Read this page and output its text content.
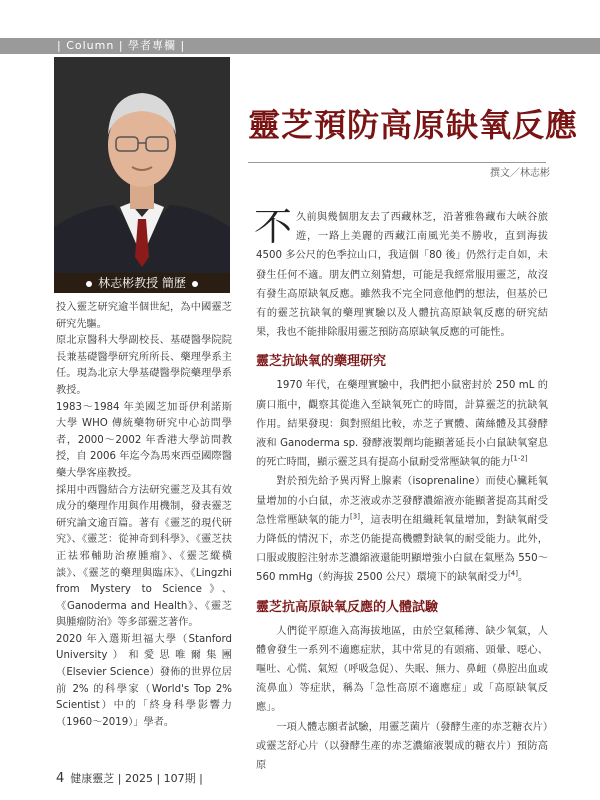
| Column | 學者專欄 |
林志彬教授 簡歷

投入靈芝研究逾半個世紀，為中國靈芝研究先驅。

原北京醫科大學副校長、基礎醫學院院長兼基礎醫學研究所所長、藥理學系主任。現為北京大學基礎醫學院藥理學系教授。

1983～1984 年美國芝加哥伊利諾斯大學 WHO 傳統藥物研究中心訪問學者，2000～2002 年香港大學訪問教授，自 2006 年迄今為馬來西亞國際醫藥大學客座教授。

採用中西醫結合方法研究靈芝及其有效成分的藥理作用與作用機制，發表靈芝研究論文逾百篇。著有《靈芝的現代研究》、《靈芝：從神奇到科學》、《靈芝扶正祛邪輔助治療腫瘤》、《靈芝縱橫談》、《靈芝的藥理與臨床》、《Lingzhi from Mystery to Science》、《Ganoderma and Health》、《靈芝與腫瘤防治》等多部靈芝著作。

2020 年入選斯坦福大學（Stanford University）和愛思唯爾集團（Elsevier Science）發佈的世界位居前 2% 的科學家（World's Top 2% Scientist）中的「終身科學影響力（1960～2019）」學者。

靈芝預防高原缺氧反應
撰文／林志彬

不久前與幾個朋友去了西藏林芝，沿著雅魯藏布大峽谷旅遊，一路上美麗的西藏江南風光美不勝收，直到海拔 4500 多公尺的色季拉山口，我這個「80 後」仍然行走自如，未發生任何不適。朋友們立刻猜想，可能是我經常服用靈芝，故沒有發生高原缺氧反應。雖然我不完全同意他們的想法，但基於已有的靈芝抗缺氧的藥理實驗以及人體抗高原缺氧反應的研究結果，我也不能排除服用靈芝預防高原缺氧反應的可能性。

靈芝抗缺氧的藥理研究

1970 年代，在藥理實驗中，我們把小鼠密封於 250 mL 的廣口瓶中，觀察其從進入至缺氧死亡的時間，計算靈芝的抗缺氧作用。結果發現：與對照組比較，赤芝子實體、菌絲體及其發酵液和 Ganoderma sp. 發酵液製劑均能顯著延長小白鼠缺氧窒息的死亡時間，顯示靈芝具有提高小鼠耐受常壓缺氧的能力[1-2]

對於預先給予異丙腎上腺素（isoprenaline）而使心臟耗氧量增加的小白鼠，赤芝液或赤芝發酵濃縮液亦能顯著提高其耐受急性常壓缺氧的能力[3]，這表明在組織耗氧量增加，對缺氧耐受力降低的情況下，赤芝仍能提高機體對缺氧的耐受能力。此外，口服或腹腔注射赤芝濃縮液還能明顯增強小白鼠在氣壓為 550～560 mmHg（約海拔 2500 公尺）環境下的缺氧耐受力[4]。

靈芝抗高原缺氧反應的人體試驗

人們從平原進入高海拔地區，由於空氣稀薄、缺少氧氣，人體會發生一系列不適應症狀，其中常見的有頭痛、頭暈、噁心、嘔吐、心慌、氣短（呼吸急促）、失眠、無力、鼻衄（鼻腔出血或流鼻血）等症狀，稱為「急性高原不適應症」或「高原缺氧反應」。

一項人體志願者試驗，用靈芝菌片（發酵生產的赤芝糖衣片）或靈芝舒心片（以發酵生產的赤芝濃縮液製成的糖衣片）預防高原

4 健康靈芝 | 2025 | 107期 |
